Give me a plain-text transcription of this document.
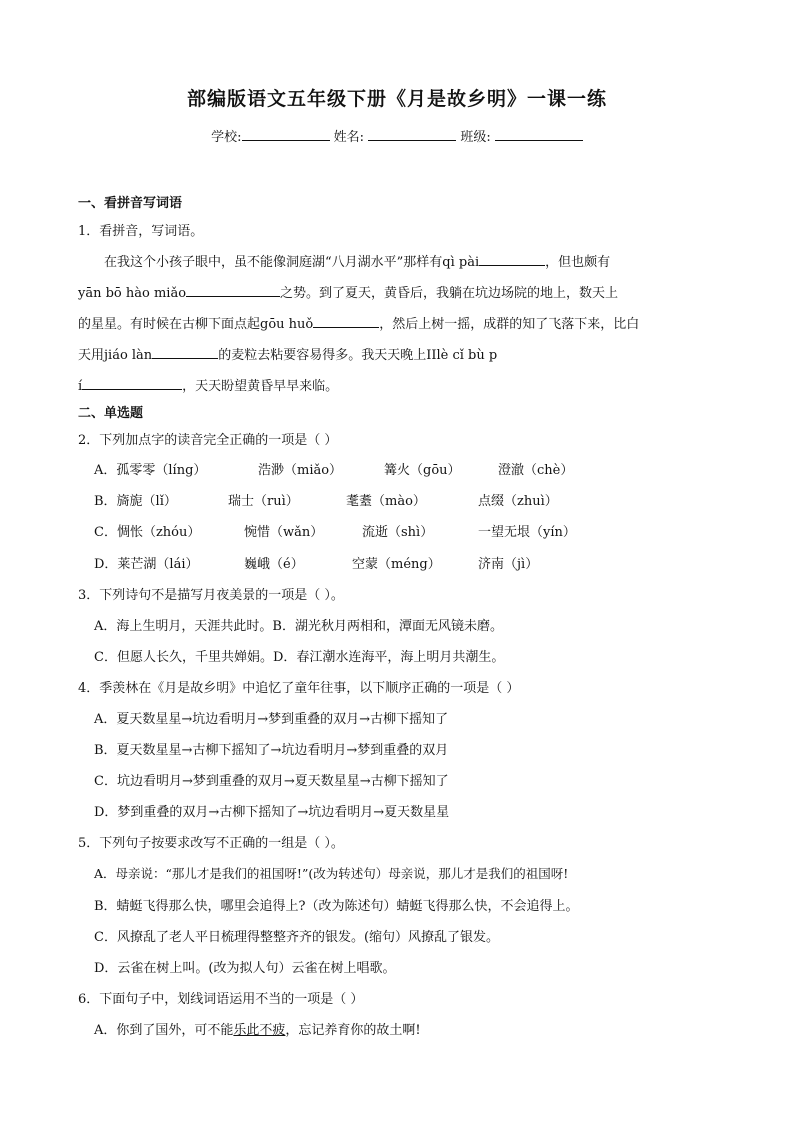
部编版语文五年级下册《月是故乡明》一课一练
学校:	姓名:	班级:
一、看拼音写词语
1．看拼音，写词语。
在我这个小孩子眼中，虽不能像洞庭湖“八月湖水平”那样有qì pài	，但也颇有
yān bō hào miǎo	之势。到了夏天，黄昏后，我躺在坑边场院的地上，数天上
的星星。有时候在古柳下面点起gōu huǒ	，然后上树一摇，成群的知了飞落下来，比白
天用jiáo làn	的麦粒去粘要容易得多。我天天晚上ⅠⅠlè cǐ bù p
í	，天天盼望黄昏早早来临。
二、单选题
2．下列加点字的读音完全正确的一项是（ ）
A．孤零零（líng）	浩渺（miǎo）	篝火（gōu）	澄澈（chè）
B．旖旎（lǐ）	瑞士（ruì）	耄耋（mào）	点缀（zhuì）
C．惆怅（zhóu）	惋惜（wǎn）	流逝（shì）	一望无垠（yín）
D．莱芒湖（lái）	巍峨（é）	空蒙（méng）	济南（jì）
3．下列诗句不是描写月夜美景的一项是（ ）。
A．海上生明月，天涯共此时。B．湖光秋月两相和，潭面无风镜未磨。
C．但愿人长久，千里共婵娟。D．春江潮水连海平，海上明月共潮生。
4．季羡林在《月是故乡明》中追忆了童年往事，以下顺序正确的一项是（ ）
A．夏天数星星→坑边看明月→梦到重叠的双月→古柳下摇知了
B．夏天数星星→古柳下摇知了→坑边看明月→梦到重叠的双月
C．坑边看明月→梦到重叠的双月→夏天数星星→古柳下摇知了
D．梦到重叠的双月→古柳下摇知了→坑边看明月→夏天数星星
5．下列句子按要求改写不正确的一组是（ ）。
A．母亲说：“那儿才是我们的祖国呀!”(改为转述句）母亲说，那儿才是我们的祖国呀!
B．蜻蜓飞得那么快，哪里会追得上?（改为陈述句）蜻蜓飞得那么快，不会追得上。
C．风撩乱了老人平日梳理得整整齐齐的银发。(缩句）风撩乱了银发。
D．云雀在树上叫。(改为拟人句）云雀在树上唱歌。
6．下面句子中，划线词语运用不当的一项是（ ）
A．你到了国外，可不能乐此不疲，忘记养育你的故土啊!
